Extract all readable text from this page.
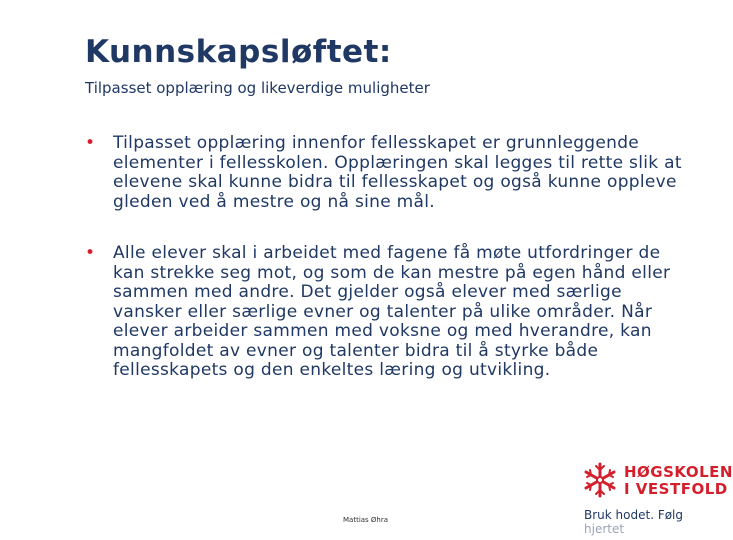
Kunnskapsløftet:

Tilpasset opplæring og likeverdige muligheter

• Tilpasset opplæring innenfor fellesskapet er grunnleggende elementer i fellesskolen. Opplæringen skal legges til rette slik at elevene skal kunne bidra til fellesskapet og også kunne oppleve gleden ved å mestre og nå sine mål.
• Alle elever skal i arbeidet med fagene få møte utfordringer de kan strekke seg mot, og som de kan mestre på egen hånd eller sammen med andre. Det gjelder også elever med særlige vansker eller særlige evner og talenter på ulike områder. Når elever arbeider sammen med voksne og med hverandre, kan mangfoldet av evner og talenter bidra til å styrke både fellesskapets og den enkeltes læring og utvikling.
Mattias Øhra
HØGSKOLEN
I VESTFOLD
Bruk hodet. Følg hjertet
